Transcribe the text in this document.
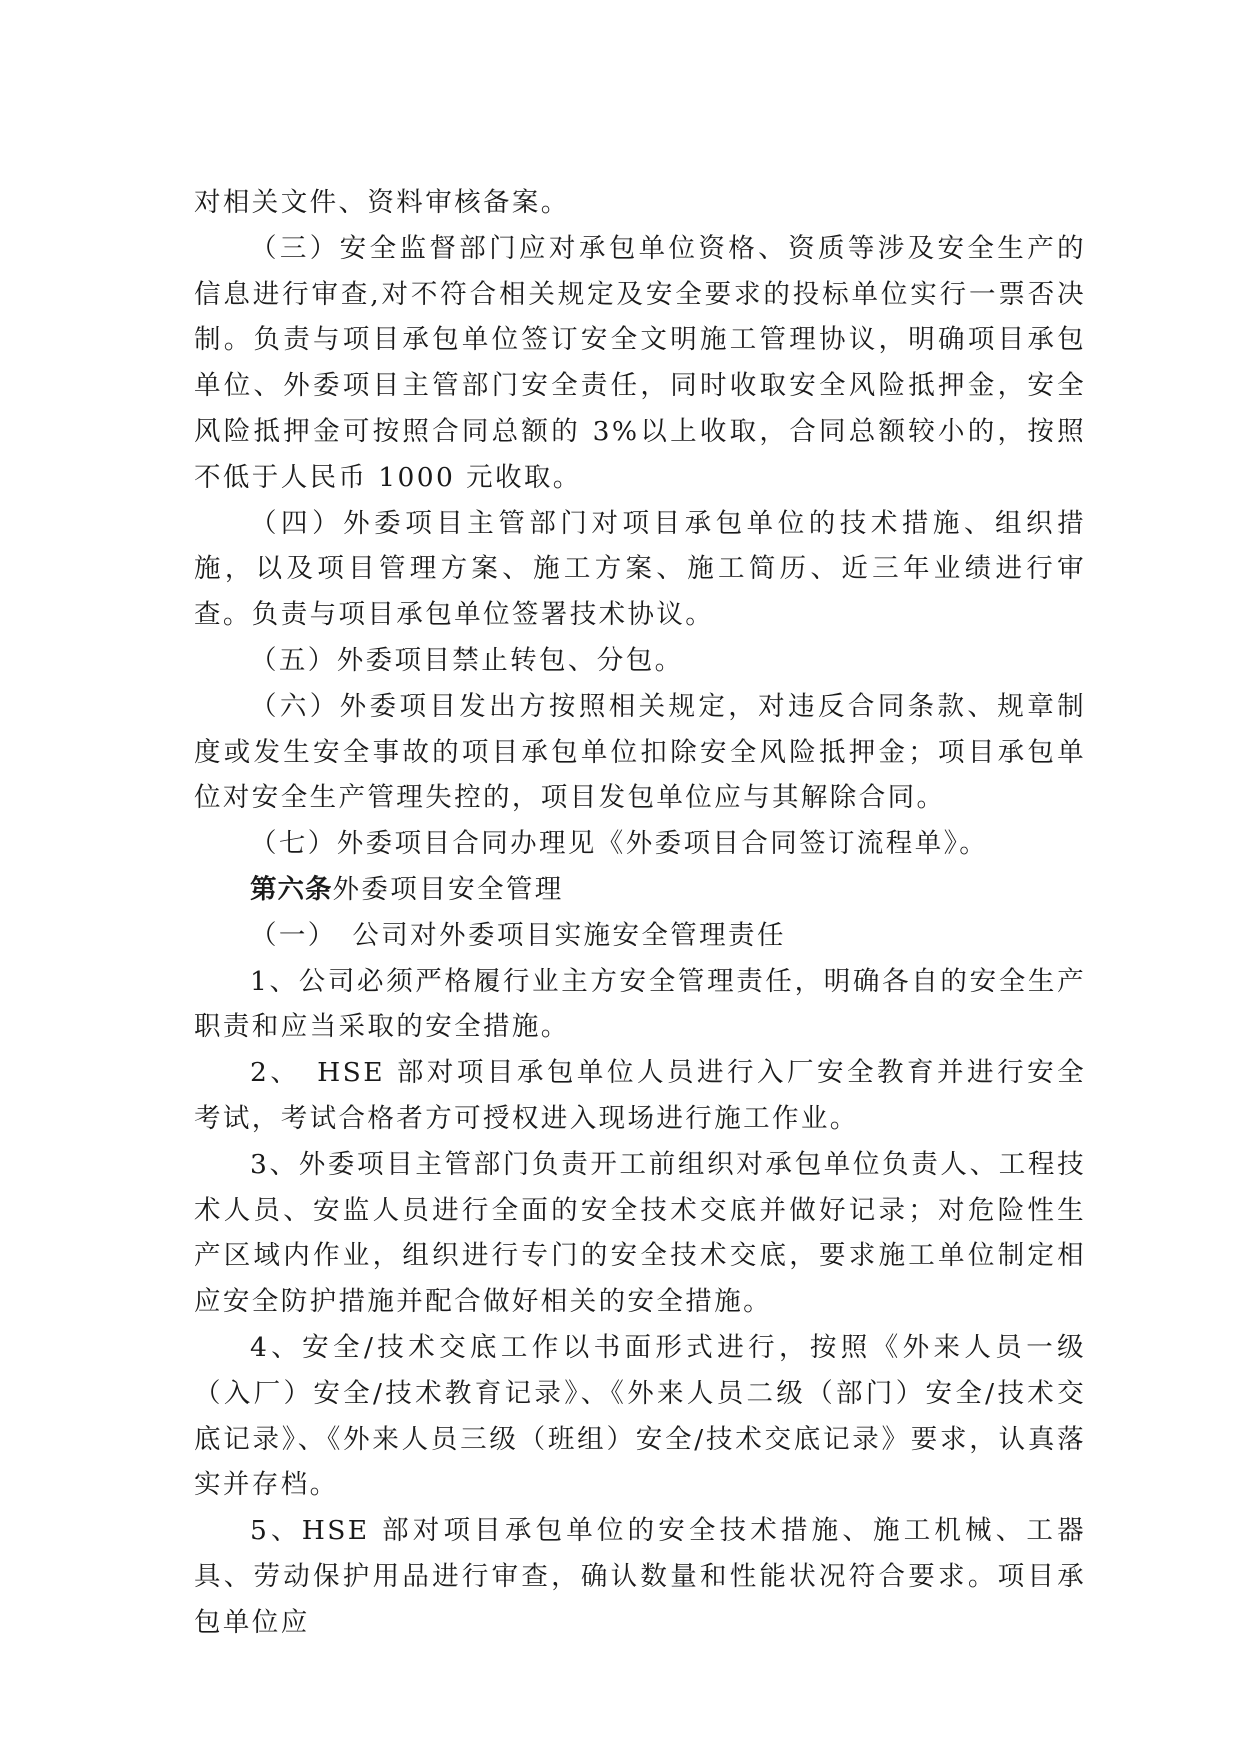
对相关文件、资料审核备案。

（三）安全监督部门应对承包单位资格、资质等涉及安全生产的信息进行审查,对不符合相关规定及安全要求的投标单位实行一票否决制。负责与项目承包单位签订安全文明施工管理协议，明确项目承包单位、外委项目主管部门安全责任，同时收取安全风险抵押金，安全风险抵押金可按照合同总额的 3%以上收取，合同总额较小的，按照不低于人民币 1000 元收取。

（四）外委项目主管部门对项目承包单位的技术措施、组织措施，以及项目管理方案、施工方案、施工简历、近三年业绩进行审查。负责与项目承包单位签署技术协议。

（五）外委项目禁止转包、分包。

（六）外委项目发出方按照相关规定，对违反合同条款、规章制度或发生安全事故的项目承包单位扣除安全风险抵押金；项目承包单位对安全生产管理失控的，项目发包单位应与其解除合同。

（七）外委项目合同办理见《外委项目合同签订流程单》。

第六条外委项目安全管理

（一）　公司对外委项目实施安全管理责任

1、公司必须严格履行业主方安全管理责任，明确各自的安全生产职责和应当采取的安全措施。

2、　HSE 部对项目承包单位人员进行入厂安全教育并进行安全考试，考试合格者方可授权进入现场进行施工作业。

3、外委项目主管部门负责开工前组织对承包单位负责人、工程技术人员、安监人员进行全面的安全技术交底并做好记录；对危险性生产区域内作业，组织进行专门的安全技术交底，要求施工单位制定相应安全防护措施并配合做好相关的安全措施。

4、安全/技术交底工作以书面形式进行，按照《外来人员一级（入厂）安全/技术教育记录》、《外来人员二级（部门）安全/技术交底记录》、《外来人员三级（班组）安全/技术交底记录》要求，认真落实并存档。

5、HSE 部对项目承包单位的安全技术措施、施工机械、工器具、劳动保护用品进行审查，确认数量和性能状况符合要求。项目承包单位应
